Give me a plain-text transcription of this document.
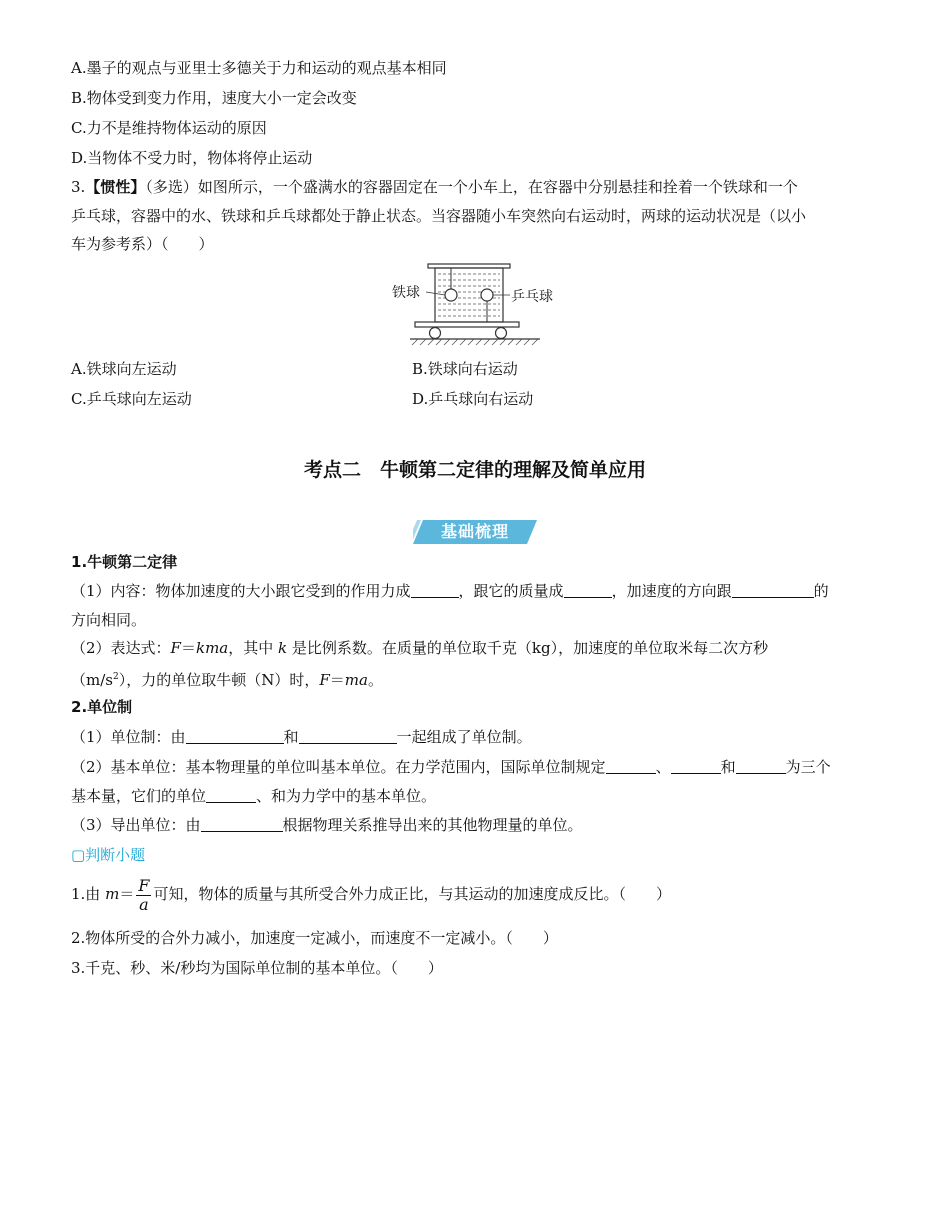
A.墨子的观点与亚里士多德关于力和运动的观点基本相同
B.物体受到变力作用，速度大小一定会改变
C.力不是维持物体运动的原因
D.当物体不受力时，物体将停止运动
3.【惯性】（多选）如图所示，一个盛满水的容器固定在一个小车上，在容器中分别悬挂和拴着一个铁球和一个
乒乓球，容器中的水、铁球和乒乓球都处于静止状态。当容器随小车突然向右运动时，两球的运动状况是（以小
车为参考系）（　　）
铁球	乒乓球
A.铁球向左运动	B.铁球向右运动
C.乒乓球向左运动	D.乒乓球向右运动
考点二　牛顿第二定律的理解及简单应用
基础梳理
1.牛顿第二定律
（1）内容：物体加速度的大小跟它受到的作用力成	，跟它的质量成	，加速度的方向跟	的
方向相同。
（2）表达式：F＝kma，其中 k 是比例系数。在质量的单位取千克（kg），加速度的单位取米每二次方秒
$(m/s^2)$，力的单位取牛顿（N）时，F＝ma。
2.单位制
（1）单位制：由	和	一起组成了单位制。
（2）基本单位：基本物理量的单位叫基本单位。在力学范围内，国际单位制规定	、	和	为三个
基本量，它们的单位	、和为力学中的基本单位。
（3）导出单位：由	根据物理关系推导出来的其他物理量的单位。
▢判断小题
1.由 $m= \frac{F}{a}$ 可知，物体的质量与其所受合外力成正比，与其运动的加速度成反比。（　　）
2.物体所受的合外力减小，加速度一定减小，而速度不一定减小。（　　）
3.千克、秒、米/秒均为国际单位制的基本单位。（　　）
